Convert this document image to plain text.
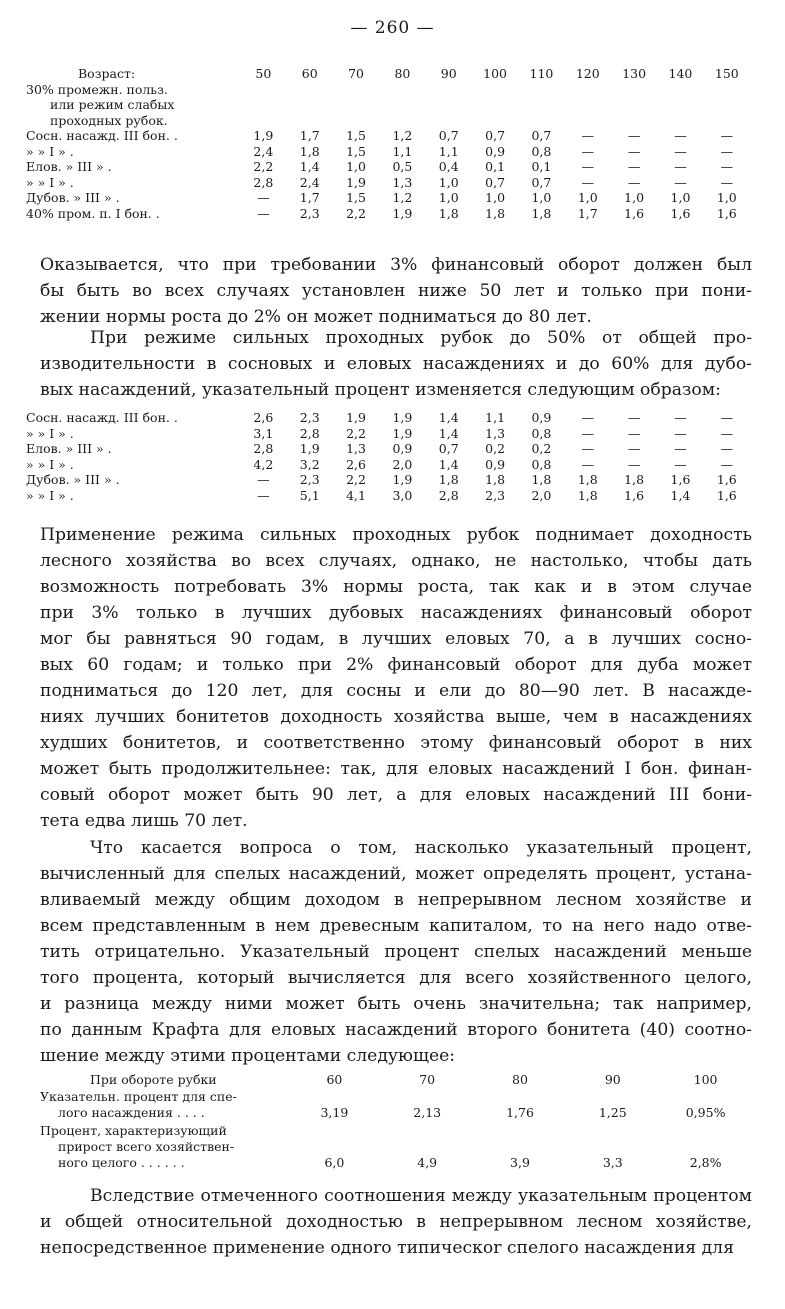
— 260 —
Возраст:	50	60	70	80	90	100	110	120	130	140	150
30% промежн. польз.											
или режим слабых											
проходных рубок.											
Сосн. насажд. III бон. .	1,9	1,7	1,5	1,2	0,7	0,7	0,7	—	—	—	—
» » I » .	2,4	1,8	1,5	1,1	1,1	0,9	0,8	—	—	—	—
Елов. » III » .	2,2	1,4	1,0	0,5	0,4	0,1	0,1	—	—	—	—
» » I » .	2,8	2,4	1,9	1,3	1,0	0,7	0,7	—	—	—	—
Дубов. » III » .	—	1,7	1,5	1,2	1,0	1,0	1,0	1,0	1,0	1,0	1,0
40% пром. п. I бон. .	—	2,3	2,2	1,9	1,8	1,8	1,8	1,7	1,6	1,6	1,6
Оказывается, что при требовании 3% финансовый оборот должен был
бы быть во всех случаях установлен ниже 50 лет и только при пони-
жении нормы роста до 2% он может подниматься до 80 лет.
При режиме сильных проходных рубок до 50% от общей про-
изводительности в сосновых и еловых насаждениях и до 60% для дубо-
вых насаждений, указательный процент изменяется следующим образом:
Сосн. насажд. III бон. .	2,6	2,3	1,9	1,9	1,4	1,1	0,9	—	—	—	—
» » I » .	3,1	2,8	2,2	1,9	1,4	1,3	0,8	—	—	—	—
Елов. » III » .	2,8	1,9	1,3	0,9	0,7	0,2	0,2	—	—	—	—
» » I » .	4,2	3,2	2,6	2,0	1,4	0,9	0,8	—	—	—	—
Дубов. » III » .	—	2,3	2,2	1,9	1,8	1,8	1,8	1,8	1,8	1,6	1,6
» » I » .	—	5,1	4,1	3,0	2,8	2,3	2,0	1,8	1,6	1,4	1,6
Применение режима сильных проходных рубок поднимает доходность
лесного хозяйства во всех случаях, однако, не настолько, чтобы дать
возможность потребовать 3% нормы роста, так как и в этом случае
при 3% только в лучших дубовых насаждениях финансовый оборот
мог бы равняться 90 годам, в лучших еловых 70, а в лучших сосно-
вых 60 годам; и только при 2% финансовый оборот для дуба может
подниматься до 120 лет, для сосны и ели до 80—90 лет. В насажде-
ниях лучших бонитетов доходность хозяйства выше, чем в насаждениях
худших бонитетов, и соответственно этому финансовый оборот в них
может быть продолжительнее: так, для еловых насаждений I бон. финан-
совый оборот может быть 90 лет, а для еловых насаждений III бони-
тета едва лишь 70 лет.
Что касается вопроса о том, насколько указательный процент,
вычисленный для спелых насаждений, может определять процент, устана-
вливаемый между общим доходом в непрерывном лесном хозяйстве и
всем представленным в нем древесным капиталом, то на него надо отве-
тить отрицательно. Указательный процент спелых насаждений меньше
того процента, который вычисляется для всего хозяйственного целого,
и разница между ними может быть очень значительна; так например,
по данным Крафта для еловых насаждений второго бонитета (40) соотно-
шение между этими процентами следующее:
При обороте рубки	60	70	80	90	100

Указательн. процент для спе-
лого насаждения . . . .	3,19	2,13	1,76	1,25	0,95%

Процент, характеризующий
прирост всего хозяйствен-
ного целого . . . . . .	6,0	4,9	3,9	3,3	2,8%
Вследствие отмеченного соотношения между указательным процентом
и общей относительной доходностью в непрерывном лесном хозяйстве,
непосредственное применение одноrо типическоr спелого насаждения для
